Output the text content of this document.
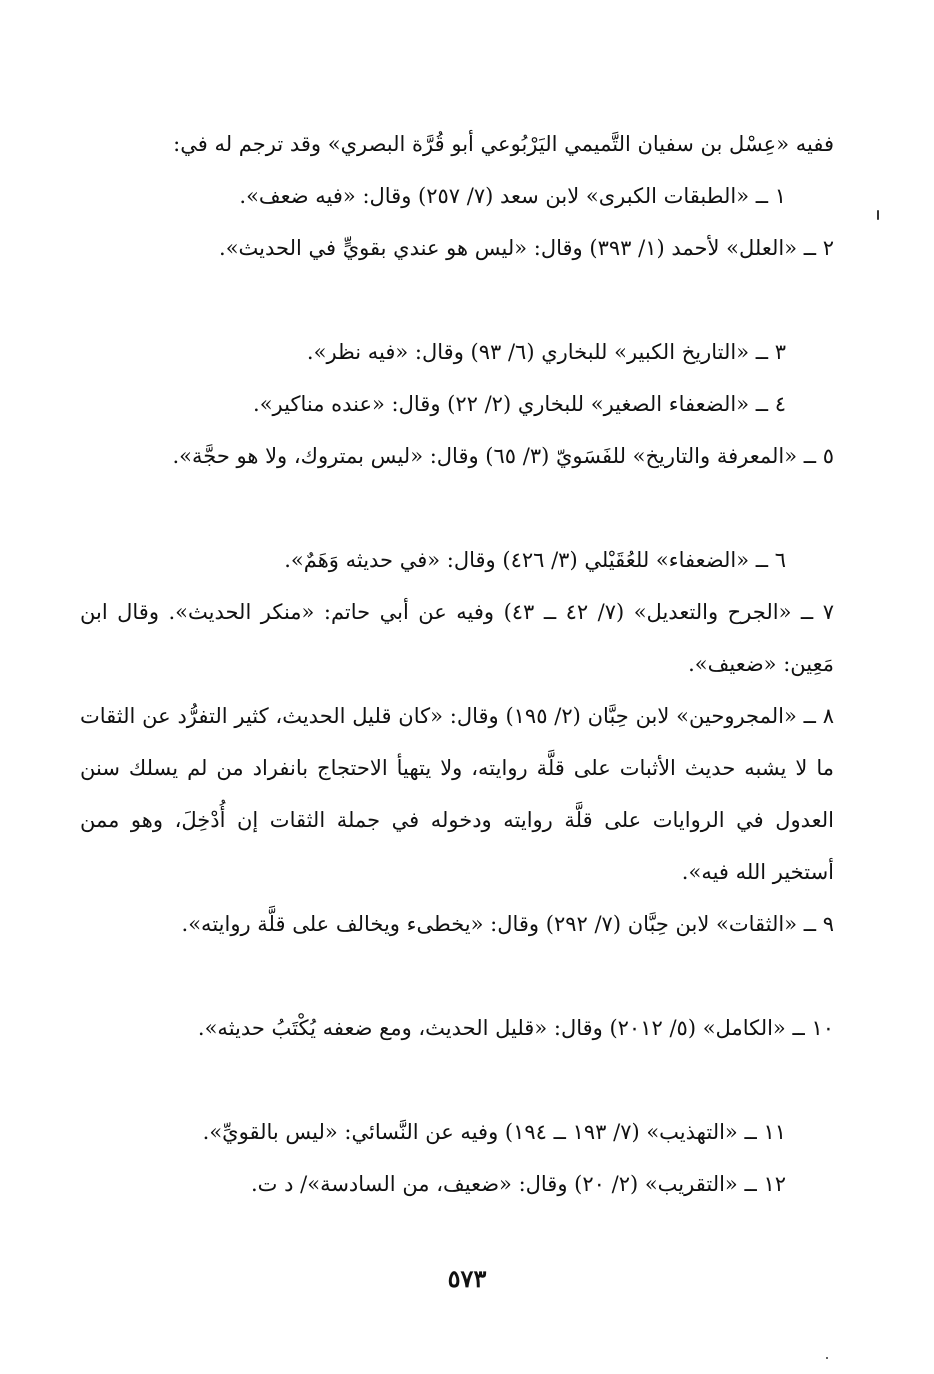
ففيه «عِسْل بن سفيان التَّميمي اليَرْبُوعي أبو قُرَّة البصري» وقد ترجم له في:
١ ــ «الطبقات الكبرى» لابن سعد (٧/ ٢٥٧) وقال: «فيه ضعف».
٢ ــ «العلل» لأحمد (١/ ٣٩٣) وقال: «ليس هو عندي بقويٍّ في الحديث».
٣ ــ «التاريخ الكبير» للبخاري (٦/ ٩٣) وقال: «فيه نظر».
٤ ــ «الضعفاء الصغير» للبخاري (٢/ ٢٢) وقال: «عنده مناكير».
٥ ــ «المعرفة والتاريخ» للفَسَويّ (٣/ ٦٥) وقال: «ليس بمتروك، ولا هو حجَّة».
٦ ــ «الضعفاء» للعُقَيْلي (٣/ ٤٢٦) وقال: «في حديثه وَهَمٌ».
٧ ــ «الجرح والتعديل» (٧/ ٤٢ ــ ٤٣) وفيه عن أبي حاتم: «منكر الحديث». وقال ابن مَعِين: «ضعيف».
٨ ــ «المجروحين» لابن حِبَّان (٢/ ١٩٥) وقال: «كان قليل الحديث، كثير التفرُّد عن الثقات ما لا يشبه حديث الأثبات على قلَّة روايته، ولا يتهيأ الاحتجاج بانفراد من لم يسلك سنن العدول في الروايات على قلَّة روايته ودخوله في جملة الثقات إن أُدْخِلَ، وهو ممن أستخير الله فيه».
٩ ــ «الثقات» لابن حِبَّان (٧/ ٢٩٢) وقال: «يخطىء ويخالف على قلَّة روايته».
١٠ ــ «الكامل» (٥/ ٢٠١٢) وقال: «قليل الحديث، ومع ضعفه يُكْتَبُ حديثه».
١١ ــ «التهذيب» (٧/ ١٩٣ ــ ١٩٤) وفيه عن النَّسائي: «ليس بالقويِّ».
١٢ ــ «التقريب» (٢/ ٢٠) وقال: «ضعيف، من السادسة»/ د ت.
٥٧٣
